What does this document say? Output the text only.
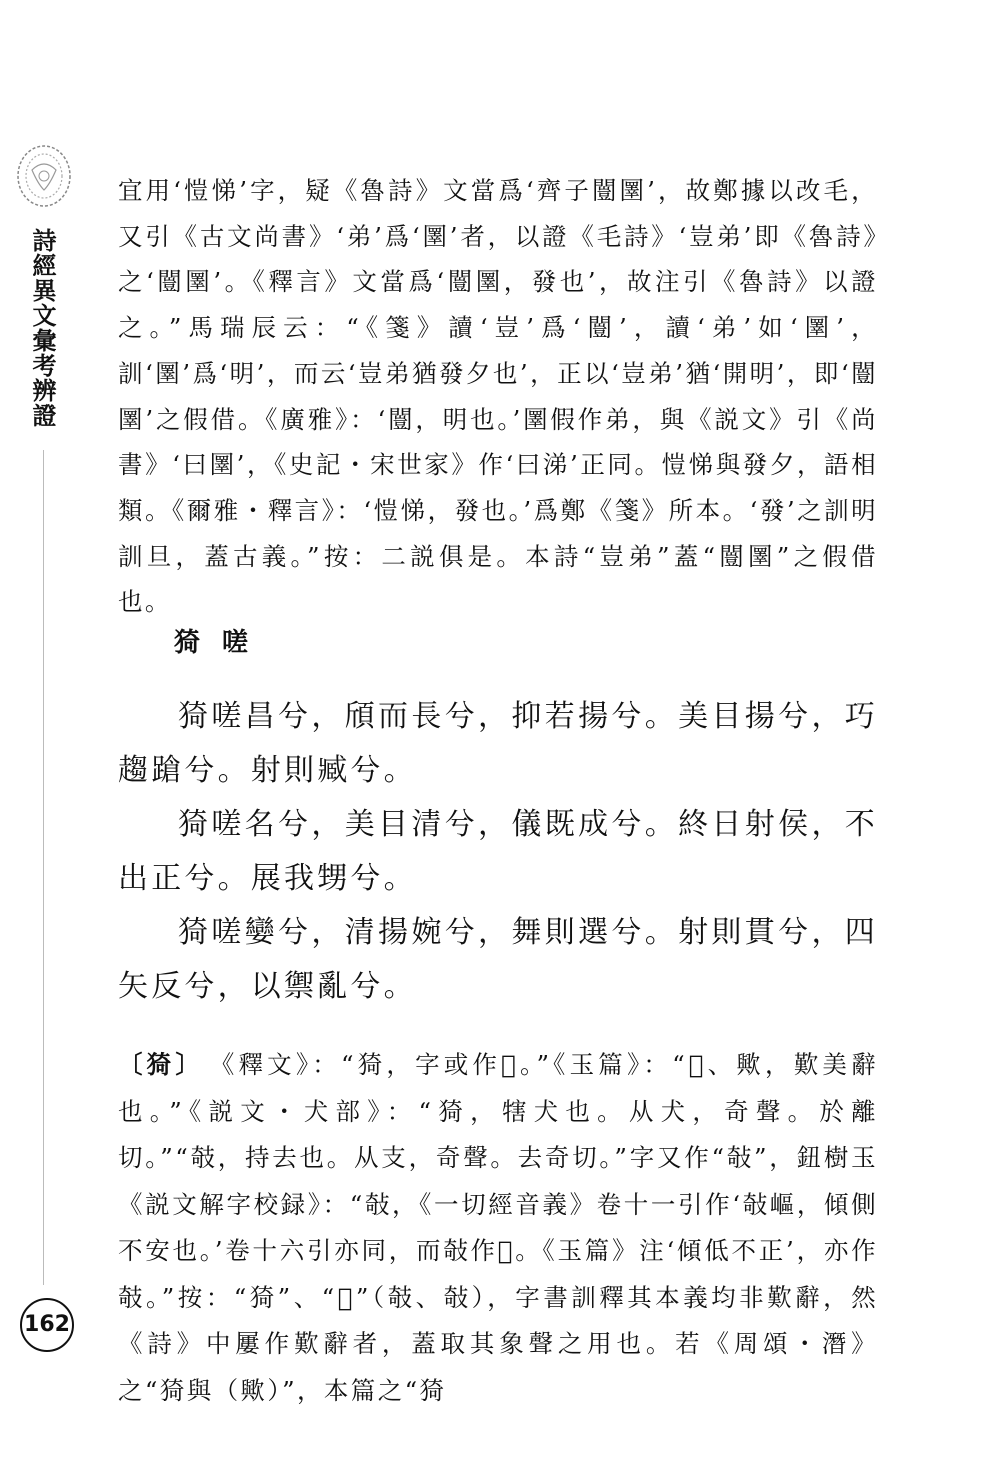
詩經異文彙考辨證
162

宜用‘愷悌’字，疑《魯詩》文當爲‘齊子闓圛’，故鄭據以改毛，又引《古文尚書》‘弟’爲‘圛’者，以證《毛詩》‘豈弟’即《魯詩》之‘闓圛’。《釋言》文當爲‘闓圛，發也’，故注引《魯詩》以證之。”馬瑞辰云：“《箋》讀‘豈’爲‘闓’，讀‘弟’如‘圛’，訓‘圛’爲‘明’，而云‘豈弟猶發夕也’，正以‘豈弟’猶‘開明’，即‘闓圛’之假借。《廣雅》：‘闓，明也。’圛假作弟，與《説文》引《尚書》‘曰圛’，《史記・宋世家》作‘曰涕’正同。愷悌與發夕，語相類。《爾雅・釋言》：‘愷悌，發也。’爲鄭《箋》所本。‘發’之訓明訓旦，蓋古義。”按：二説俱是。本詩“豈弟”蓋“闓圛”之假借也。

猗嗟

猗嗟昌兮，頎而長兮，抑若揚兮。美目揚兮，巧趨蹌兮。射則臧兮。

猗嗟名兮，美目清兮，儀既成兮。終日射侯，不出正兮。展我甥兮。

猗嗟孌兮，清揚婉兮，舞則選兮。射則貫兮，四矢反兮，以禦亂兮。

〔猗〕 《釋文》：“猗，字或作𢿱。”《玉篇》：“𢿱、歟，歎美辭也。”《説文・犬部》：“猗，犗犬也。从犬，奇聲。於離切。”“攲，持去也。从支，奇聲。去奇切。”字又作“敧”，鈕樹玉《説文解字校録》：“敧，《一切經音義》卷十一引作‘敧嶇，傾側不安也。’卷十六引亦同，而敧作𢿱。《玉篇》注‘傾低不正’，亦作攲。”按：“猗”、“𢿱”（攲、敧），字書訓釋其本義均非歎辭，然《詩》中屢作歎辭者，蓋取其象聲之用也。若《周頌・潛》之“猗與（歟）”，本篇之“猗
